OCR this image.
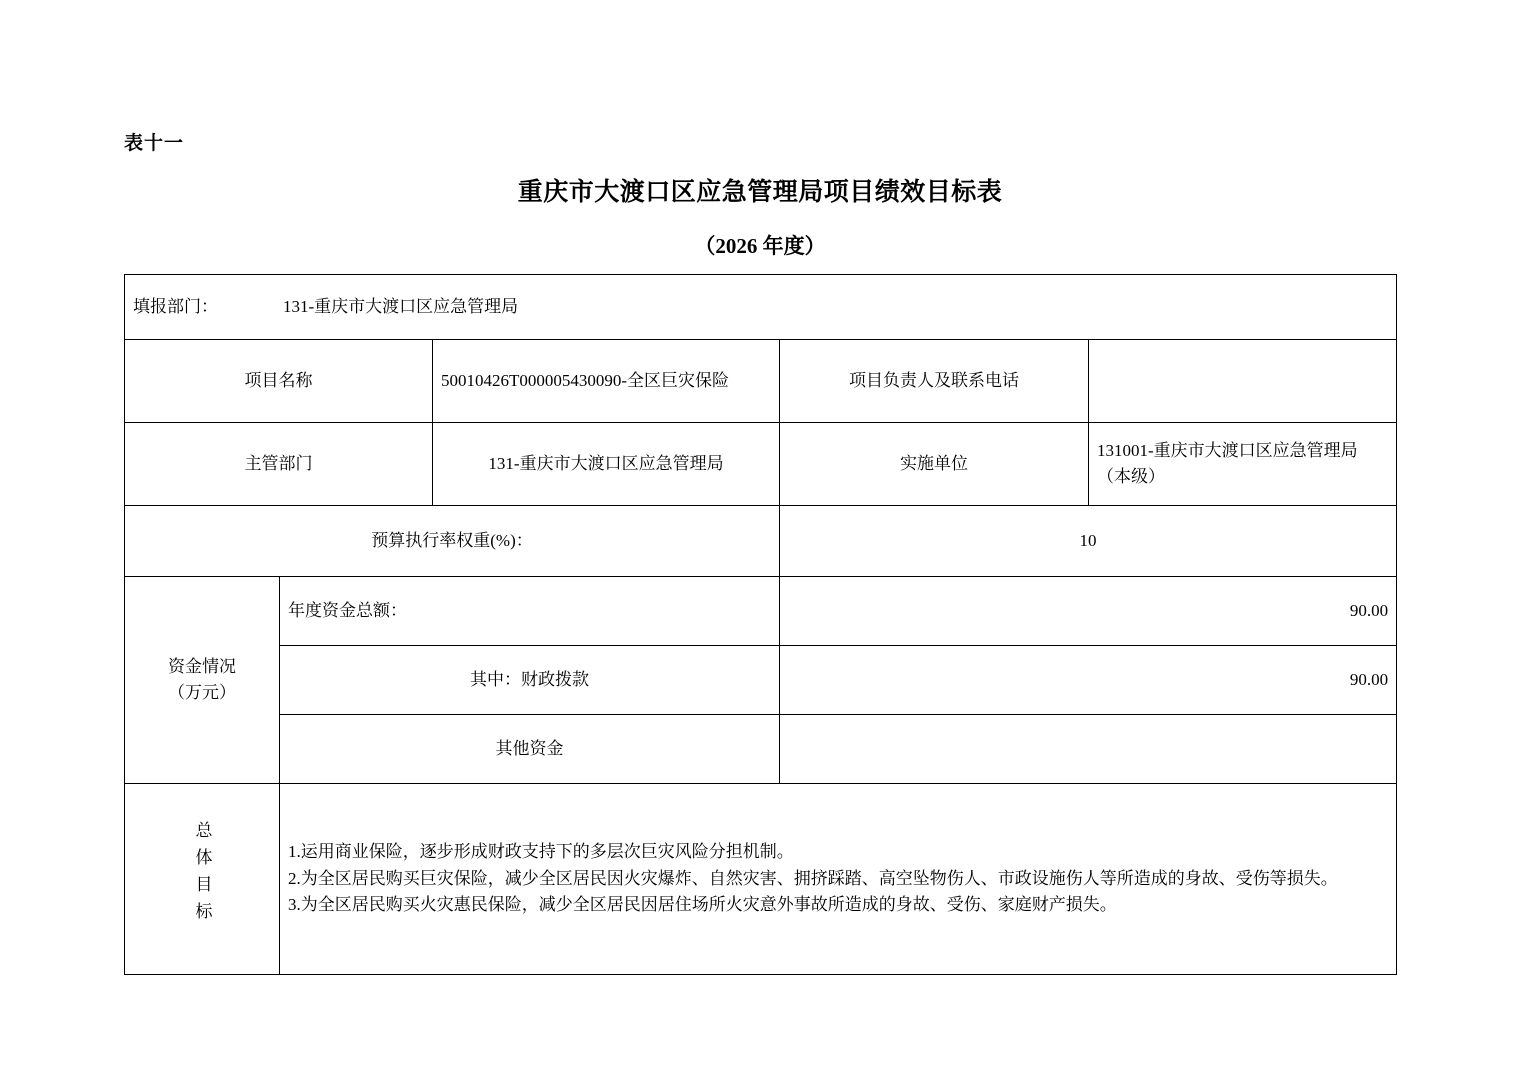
表十一
重庆市大渡口区应急管理局项目绩效目标表
（2026 年度）
填报部门： 131-重庆市大渡口区应急管理局				
项目名称		50010426T000005430090-全区巨灾保险	项目负责人及联系电话	
主管部门		131-重庆市大渡口区应急管理局	实施单位	131001-重庆市大渡口区应急管理局（本级）
预算执行率权重(%)：			10	
资金情况
（万元）	年度资金总额：		90.00	
	其中：财政拨款		90.00	
	其他资金			
总体目标	1.运用商业保险，逐步形成财政支持下的多层次巨灾风险分担机制。

2.为全区居民购买巨灾保险，减少全区居民因火灾爆炸、自然灾害、拥挤踩踏、高空坠物伤人、市政设施伤人等所造成的身故、受伤等损失。

3.为全区居民购买火灾惠民保险，减少全区居民因居住场所火灾意外事故所造成的身故、受伤、家庭财产损失。			
